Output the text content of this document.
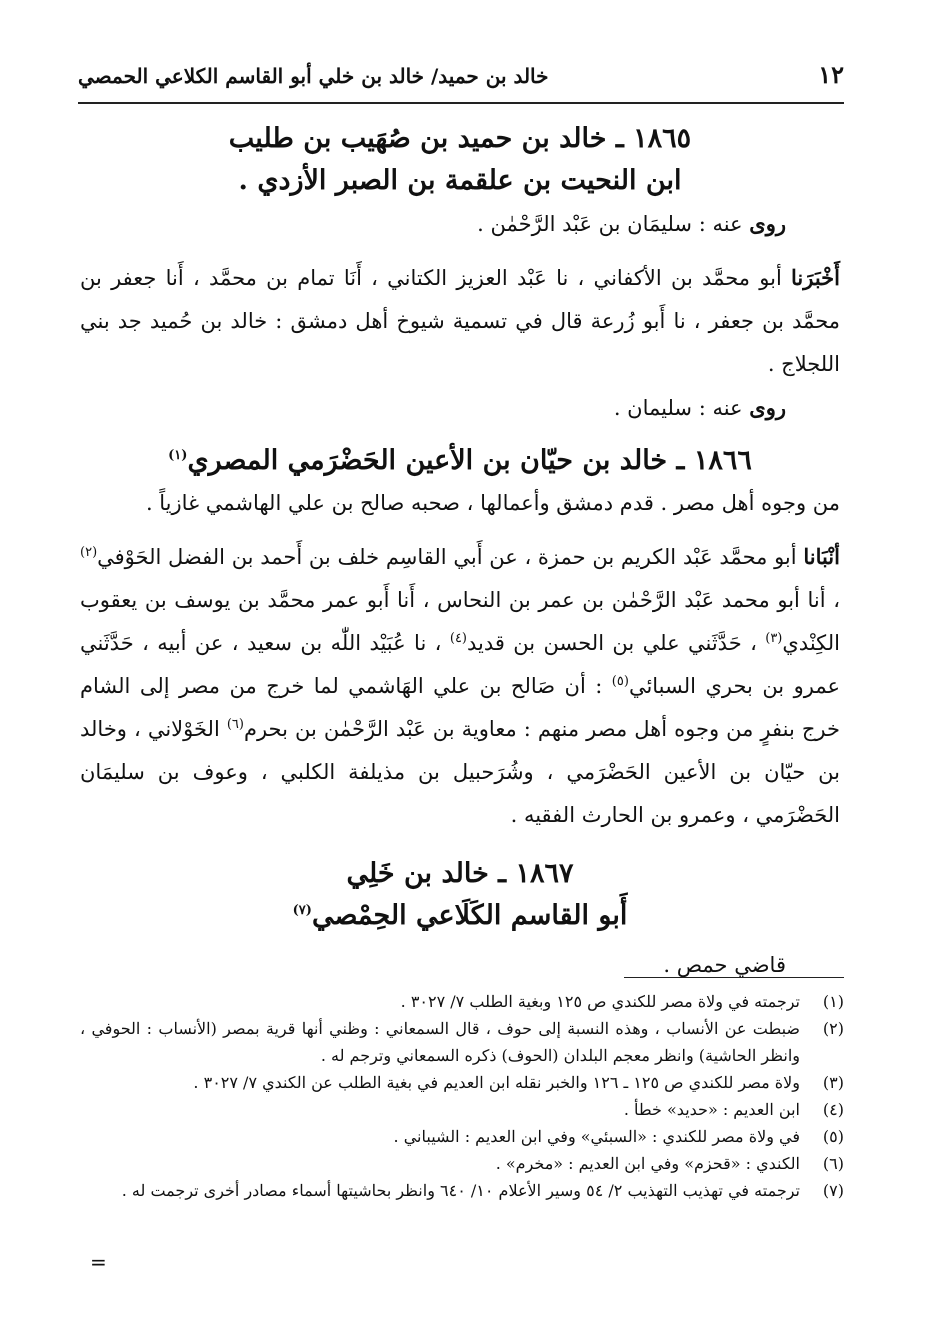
١٢
خالد بن حميد/ خالد بن خلي أبو القاسم الكلاعي الحمصي
١٨٦٥ ـ خالد بن حميد بن صُهَيب بن طليب
ابن النحيت بن علقمة بن الصبر الأزدي .

روى عنه : سليمَان بن عَبْد الرَّحْمٰن .

أَخْبَرَنا أبو محمَّد بن الأكفاني ، نا عَبْد العزيز الكتاني ، أَنَا تمام بن محمَّد ، أَنا جعفر بن محمَّد بن جعفر ، نا أَبو زُرعة قال في تسمية شيوخ أهل دمشق : خالد بن حُميد جد بني اللجلاج .

روى عنه : سليمان .

١٨٦٦ ـ خالد بن حيّان بن الأعين الحَضْرَمي المصري$^{(١)}$

من وجوه أهل مصر . قدم دمشق وأعمالها ، صحبه صالح بن علي الهاشمي غازياً .

أنْبَانا أبو محمَّد عَبْد الكريم بن حمزة ، عن أَبي القاسِم خلف بن أَحمد بن الفضل الحَوْفي$^{(٢)}$ ، أنا أبو محمد عَبْد الرَّحْمٰن بن عمر بن النحاس ، أَنا أَبو عمر محمَّد بن يوسف بن يعقوب الكِنْدي$^{(٣)}$ ، حَدَّثَني علي بن الحسن بن قديد$^{(٤)}$ ، نا عُبَيْد اللّٰه بن سعيد ، عن أبيه ، حَدَّثَني عمرو بن بحري السبائي$^{(٥)}$ : أن صَالح بن علي الهَاشمي لما خرج من مصر إلى الشام خرج بنفرٍ من وجوه أهل مصر منهم : معاوية بن عَبْد الرَّحْمٰن بن بحرم$^{(٦)}$ الخَوْلاني ، وخالد بن حيّان بن الأعين الحَضْرَمي ، وشُرَحبيل بن مذيلفة الكلبي ، وعوف بن سليمَان الحَضْرَمي ، وعمرو بن الحارث الفقيه .

١٨٦٧ ـ خالد بن خَلِي
أَبو القاسم الكَلَاعي الحِمْصي$^{(٧)}$

قاضي حمص .

(١)
ترجمته في ولاة مصر للكندي ص ١٢٥ وبغية الطلب ٧/ ٣٠٢٧ .
(٢)
ضبطت عن الأنساب ، وهذه النسبة إلى حوف ، قال السمعاني : وظني أنها قرية بمصر (الأنساب : الحوفي ، وانظر الحاشية) وانظر معجم البلدان (الحوف) ذكره السمعاني وترجم له .
(٣)
ولاة مصر للكندي ص ١٢٥ ـ ١٢٦ والخبر نقله ابن العديم في بغية الطلب عن الكندي ٧/ ٣٠٢٧ .
(٤)
ابن العديم : «حديد» خطأ .
(٥)
في ولاة مصر للكندي : «السبئي» وفي ابن العديم : الشيباني .
(٦)
الكندي : «قحزم» وفي ابن العديم : «مخرم» .
(٧)
ترجمته في تهذيب التهذيب ٢/ ٥٤ وسير الأعلام ١٠/ ٦٤٠ وانظر بحاشيتها أسماء مصادر أخرى ترجمت له .
=
